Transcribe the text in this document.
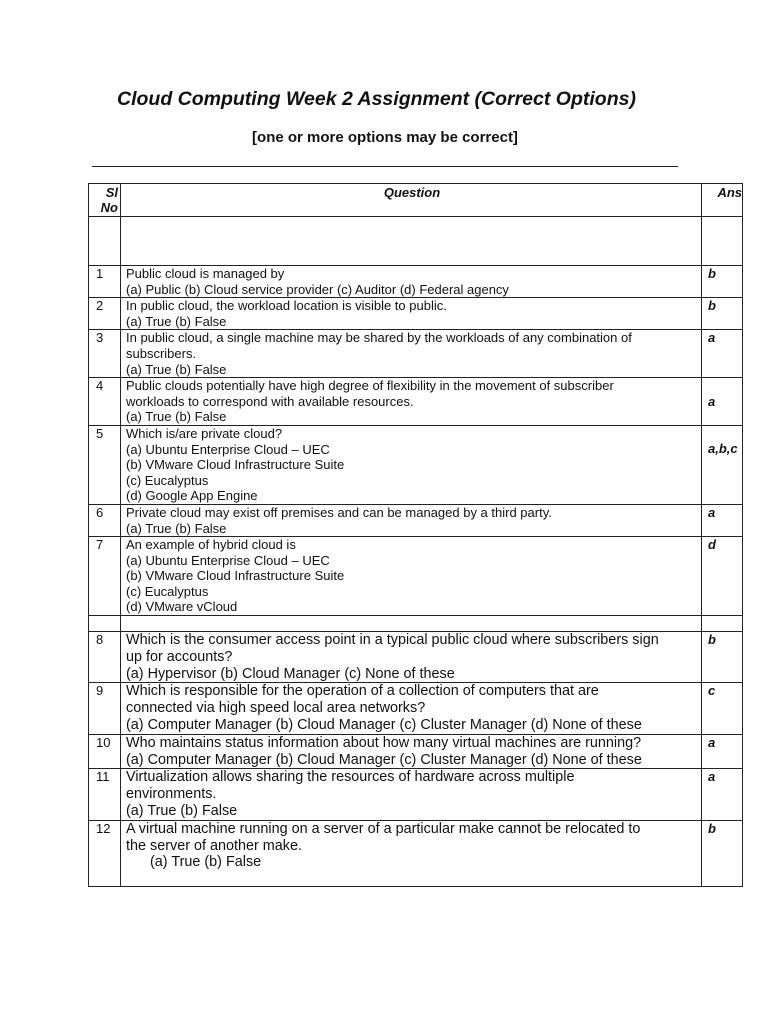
Cloud Computing Week 2 Assignment (Correct Options)
[one or more options may be correct]
Sl
No	Question	Ans

1	Public cloud is managed by
(a) Public (b) Cloud service provider (c) Auditor (d) Federal agency	b
2	In public cloud, the workload location is visible to public.
(a) True (b) False	b
3	In public cloud, a single machine may be shared by the workloads of any combination of
subscribers.
(a) True (b) False	a
4	Public clouds potentially have high degree of flexibility in the movement of subscriber
workloads to correspond with available resources.
(a) True (b) False	a
5	Which is/are private cloud?
(a) Ubuntu Enterprise Cloud – UEC
(b) VMware Cloud Infrastructure Suite
(c) Eucalyptus
(d) Google App Engine	a,b,c
6	Private cloud may exist off premises and can be managed by a third party.
(a) True (b) False	a
7	An example of hybrid cloud is
(a) Ubuntu Enterprise Cloud – UEC
(b) VMware Cloud Infrastructure Suite
(c) Eucalyptus
(d) VMware vCloud	d

8	Which is the consumer access point in a typical public cloud where subscribers sign
up for accounts?
(a) Hypervisor (b) Cloud Manager (c) None of these	b
9	Which is responsible for the operation of a collection of computers that are
connected via high speed local area networks?
(a) Computer Manager (b) Cloud Manager (c) Cluster Manager (d) None of these	c
10	Who maintains status information about how many virtual machines are running?
(a) Computer Manager (b) Cloud Manager (c) Cluster Manager (d) None of these	a
11	Virtualization allows sharing the resources of hardware across multiple
environments.
(a) True (b) False	a
12	A virtual machine running on a server of a particular make cannot be relocated to
the server of another make.
(a) True (b) False	b
